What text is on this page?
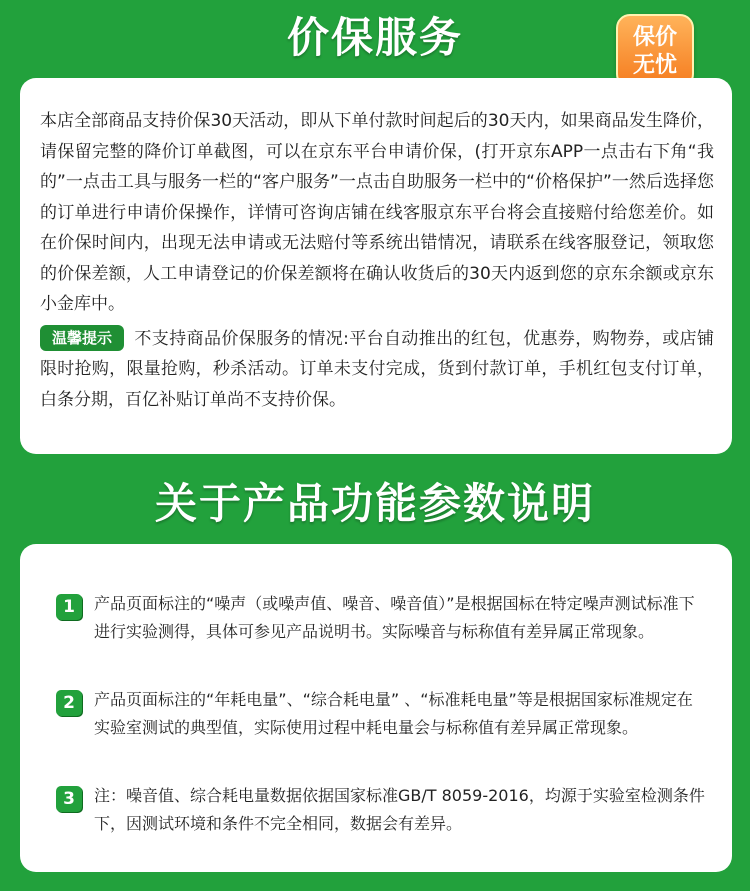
价保服务	保价
无忧

本店全部商品支持价保30天活动，即从下单付款时间起后的30天内，如果商品发生降价，请保留完整的降价订单截图，可以在京东平台申请价保，(打开京东APP一点击右下角“我的”一点击工具与服务一栏的“客户服务”一点击自助服务一栏中的“价格保护”一然后选择您的订单进行申请价保操作，详情可咨询店铺在线客服京东平台将会直接赔付给您差价。如在价保时间内，出现无法申请或无法赔付等系统出错情况，请联系在线客服登记，领取您的价保差额，人工申请登记的价保差额将在确认收货后的30天内返到您的京东余额或京东小金库中。

温馨提示 不支持商品价保服务的情况:平台自动推出的红包，优惠券，购物券，或店铺限时抢购，限量抢购，秒杀活动。订单未支付完成，货到付款订单，手机红包支付订单，白条分期，百亿补贴订单尚不支持价保。

关于产品功能参数说明
1	产品页面标注的“噪声（或噪声值、噪音、噪音值）”是根据国标在特定噪声测试标准下进行实验测得，具体可参见产品说明书。实际噪音与标称值有差异属正常现象。

2	产品页面标注的“年耗电量”、“综合耗电量” 、“标准耗电量”等是根据国家标准规定在实验室测试的典型值，实际使用过程中耗电量会与标称值有差异属正常现象。

3	注：噪音值、综合耗电量数据依据国家标准GB/T 8059-2016，均源于实验室检测条件下，因测试环境和条件不完全相同，数据会有差异。
